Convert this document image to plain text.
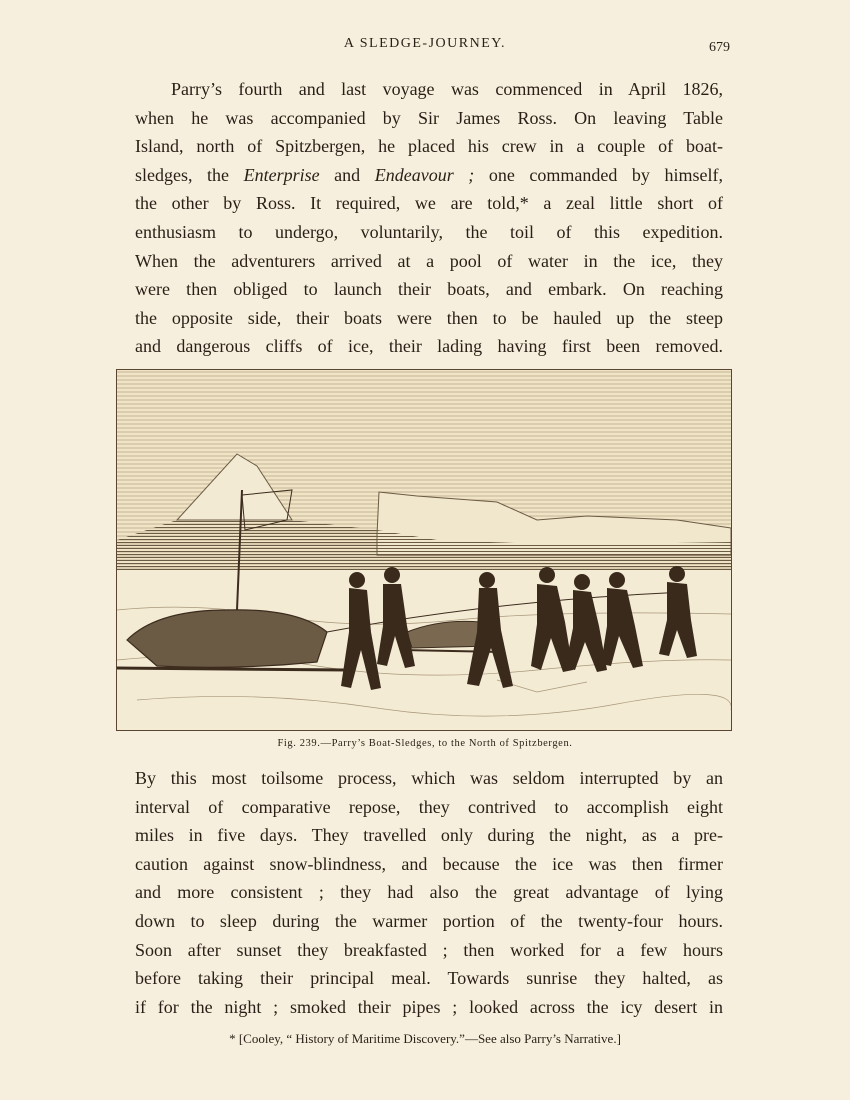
A SLEDGE-JOURNEY.	679
Parry’s fourth and last voyage was commenced in April 1826,
when he was accompanied by Sir James Ross. On leaving Table
Island, north of Spitzbergen, he placed his crew in a couple of boat-
sledges, the Enterprise and Endeavour ; one commanded by himself,
the other by Ross. It required, we are told,* a zeal little short of
enthusiasm to undergo, voluntarily, the toil of this expedition.
When the adventurers arrived at a pool of water in the ice, they
were then obliged to launch their boats, and embark. On reaching
the opposite side, their boats were then to be hauled up the steep
and dangerous cliffs of ice, their lading having first been removed.
Fig. 239.—Parry’s Boat-Sledges, to the North of Spitzbergen.
By this most toilsome process, which was seldom interrupted by an
interval of comparative repose, they contrived to accomplish eight
miles in five days. They travelled only during the night, as a pre-
caution against snow-blindness, and because the ice was then firmer
and more consistent ; they had also the great advantage of lying
down to sleep during the warmer portion of the twenty-four hours.
Soon after sunset they breakfasted ; then worked for a few hours
before taking their principal meal. Towards sunrise they halted, as
if for the night ; smoked their pipes ; looked across the icy desert in
* [Cooley, “ History of Maritime Discovery.”—See also Parry’s Narrative.]
